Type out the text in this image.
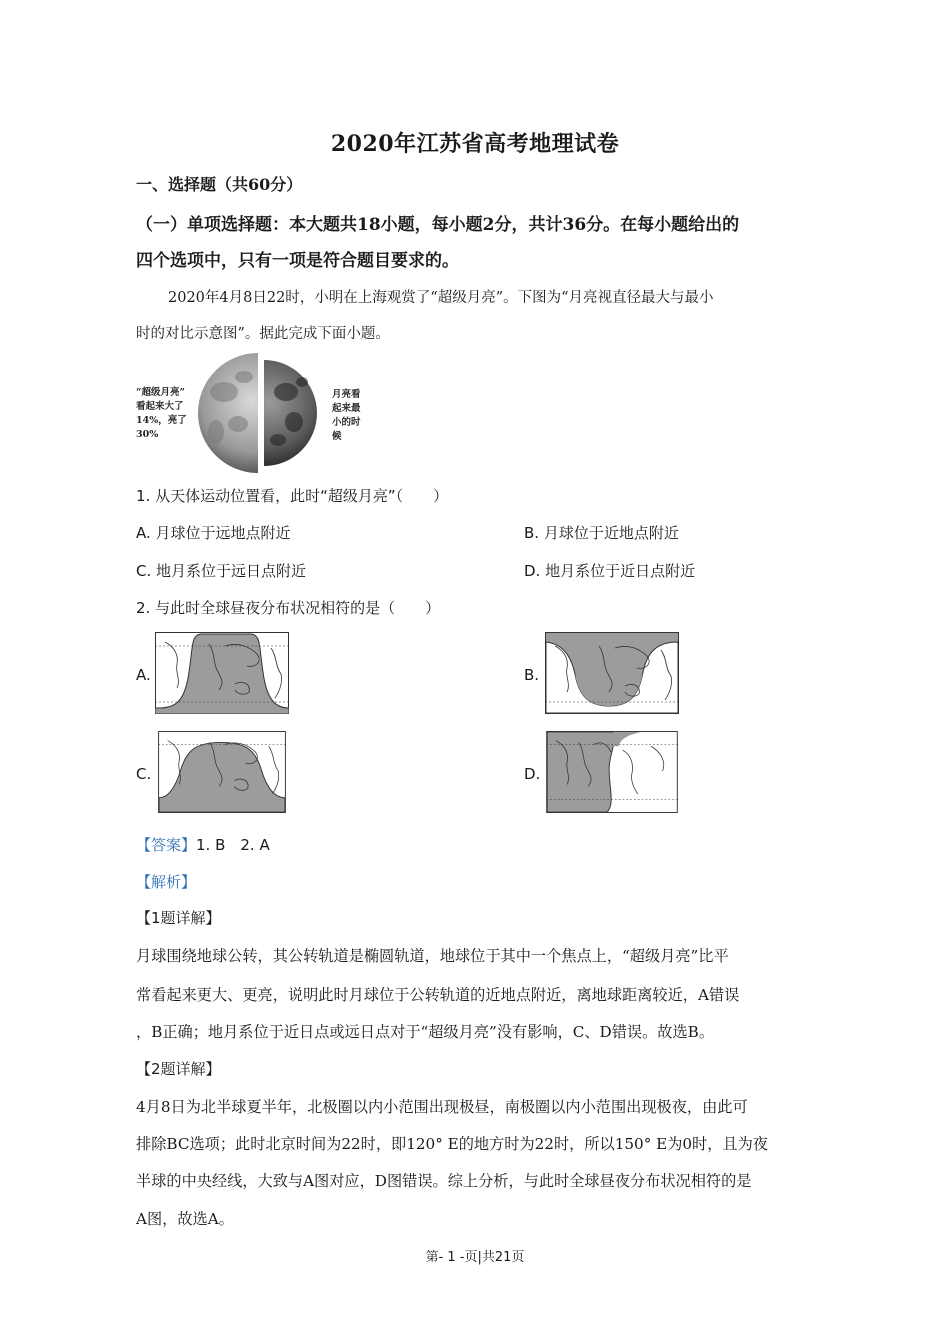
2020年江苏省高考地理试卷
一、选择题（共60分）
（一）单项选择题：本大题共18小题，每小题2分，共计36分。在每小题给出的
四个选项中，只有一项是符合题目要求的。
2020年4月8日22时，小明在上海观赏了“超级月亮”。下图为“月亮视直径最大与最小
时的对比示意图”。据此完成下面小题。
“超级月亮”
看起来大了
14%，亮了
30%
月亮看
起来最
小的时
候
1. 从天体运动位置看，此时“超级月亮”（　　）
A. 月球位于远地点附近	B. 月球位于近地点附近
C. 地月系位于远日点附近	D. 地月系位于近日点附近
2. 与此时全球昼夜分布状况相符的是（　　）
A.	B.
C.	D.
【答案】1. B　2. A
【解析】
【1题详解】
月球围绕地球公转，其公转轨道是椭圆轨道，地球位于其中一个焦点上，“超级月亮”比平
常看起来更大、更亮，说明此时月球位于公转轨道的近地点附近，离地球距离较近，A错误
，B正确；地月系位于近日点或远日点对于“超级月亮”没有影响，C、D错误。故选B。
【2题详解】
4月8日为北半球夏半年，北极圈以内小范围出现极昼，南极圈以内小范围出现极夜，由此可
排除BC选项；此时北京时间为22时，即120° E的地方时为22时，所以150° E为0时，且为夜
半球的中央经线，大致与A图对应，D图错误。综上分析，与此时全球昼夜分布状况相符的是
A图，故选A。
第- 1 -页|共21页
